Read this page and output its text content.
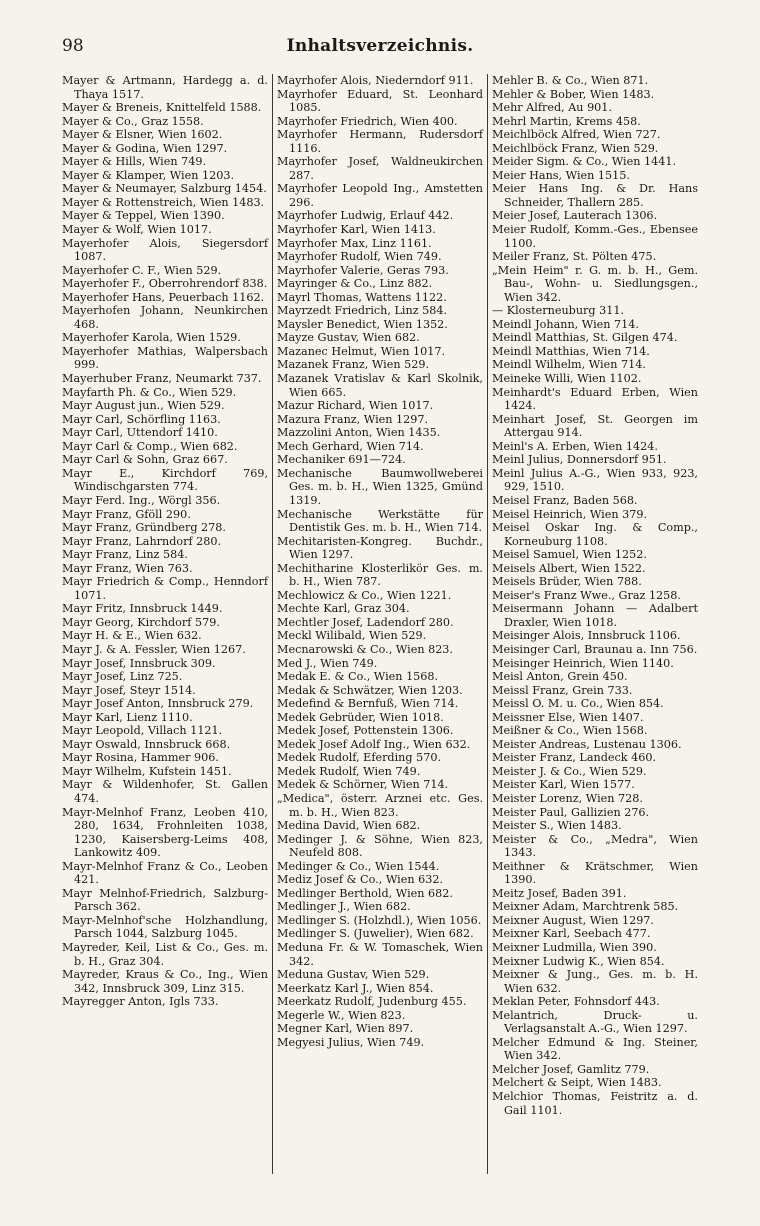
98	Inhaltsverzeichnis.
Mayer & Artmann, Hardegg a. d. Thaya 1517.
Mayer & Breneis, Knittelfeld 1588.
Mayer & Co., Graz 1558.
Mayer & Elsner, Wien 1602.
Mayer & Godina, Wien 1297.
Mayer & Hills, Wien 749.
Mayer & Klamper, Wien 1203.
Mayer & Neumayer, Salzburg 1454.
Mayer & Rottenstreich, Wien 1483.
Mayer & Teppel, Wien 1390.
Mayer & Wolf, Wien 1017.
Mayerhofer Alois, Siegersdorf 1087.
Mayerhofer C. F., Wien 529.
Mayerhofer F., Oberrohrendorf 838.
Mayerhofer Hans, Peuerbach 1162.
Mayerhofen Johann, Neunkirchen 468.
Mayerhofer Karola, Wien 1529.
Mayerhofer Mathias, Walpersbach 999.
Mayerhuber Franz, Neumarkt 737.
Mayfarth Ph. & Co., Wien 529.
Mayr August jun., Wien 529.
Mayr Carl, Schörfling 1163.
Mayr Carl, Uttendorf 1410.
Mayr Carl & Comp., Wien 682.
Mayr Carl & Sohn, Graz 667.
Mayr E., Kirchdorf 769, Windischgarsten 774.
Mayr Ferd. Ing., Wörgl 356.
Mayr Franz, Gföll 290.
Mayr Franz, Gründberg 278.
Mayr Franz, Lahrndorf 280.
Mayr Franz, Linz 584.
Mayr Franz, Wien 763.
Mayr Friedrich & Comp., Henndorf 1071.
Mayr Fritz, Innsbruck 1449.
Mayr Georg, Kirchdorf 579.
Mayr H. & E., Wien 632.
Mayr J. & A. Fessler, Wien 1267.
Mayr Josef, Innsbruck 309.
Mayr Josef, Linz 725.
Mayr Josef, Steyr 1514.
Mayr Josef Anton, Innsbruck 279.
Mayr Karl, Lienz 1110.
Mayr Leopold, Villach 1121.
Mayr Oswald, Innsbruck 668.
Mayr Rosina, Hammer 906.
Mayr Wilhelm, Kufstein 1451.
Mayr & Wildenhofer, St. Gallen 474.
Mayr-Melnhof Franz, Leoben 410, 280, 1634, Frohnleiten 1038, 1230, Kaisersberg-Leims 408, Lankowitz 409.
Mayr-Melnhof Franz & Co., Leoben 421.
Mayr Melnhof-Friedrich, Salzburg-Parsch 362.
Mayr-Melnhof'sche Holzhandlung, Parsch 1044, Salzburg 1045.
Mayreder, Keil, List & Co., Ges. m. b. H., Graz 304.
Mayreder, Kraus & Co., Ing., Wien 342, Innsbruck 309, Linz 315.
Mayregger Anton, Igls 733.
Mayrhofer Alois, Niederndorf 911.
Mayrhofer Eduard, St. Leonhard 1085.
Mayrhofer Friedrich, Wien 400.
Mayrhofer Hermann, Rudersdorf 1116.
Mayrhofer Josef, Waldneukirchen 287.
Mayrhofer Leopold Ing., Amstetten 296.
Mayrhofer Ludwig, Erlauf 442.
Mayrhofer Karl, Wien 1413.
Mayrhofer Max, Linz 1161.
Mayrhofer Rudolf, Wien 749.
Mayrhofer Valerie, Geras 793.
Mayringer & Co., Linz 882.
Mayrl Thomas, Wattens 1122.
Mayrzedt Friedrich, Linz 584.
Maysler Benedict, Wien 1352.
Mayze Gustav, Wien 682.
Mazanec Helmut, Wien 1017.
Mazanek Franz, Wien 529.
Mazanek Vratislav & Karl Skolnik, Wien 665.
Mazur Richard, Wien 1017.
Mazura Franz, Wien 1297.
Mazzolini Anton, Wien 1435.
Mech Gerhard, Wien 714.
Mechaniker 691—724.
Mechanische Baumwollweberei Ges. m. b. H., Wien 1325, Gmünd 1319.
Mechanische Werkstätte für Dentistik Ges. m. b. H., Wien 714.
Mechitaristen-Kongreg. Buchdr., Wien 1297.
Mechitharine Klosterlikör Ges. m. b. H., Wien 787.
Mechlowicz & Co., Wien 1221.
Mechte Karl, Graz 304.
Mechtler Josef, Ladendorf 280.
Meckl Wilibald, Wien 529.
Mecnarowski & Co., Wien 823.
Med J., Wien 749.
Medak E. & Co., Wien 1568.
Medak & Schwätzer, Wien 1203.
Medefind & Bernfuß, Wien 714.
Medek Gebrüder, Wien 1018.
Medek Josef, Pottenstein 1306.
Medek Josef Adolf Ing., Wien 632.
Medek Rudolf, Eferding 570.
Medek Rudolf, Wien 749.
Medek & Schörner, Wien 714.
„Medica", österr. Arznei etc. Ges. m. b. H., Wien 823.
Medina David, Wien 682.
Medinger J. & Söhne, Wien 823, Neufeld 808.
Medinger & Co., Wien 1544.
Mediz Josef & Co., Wien 632.
Medlinger Berthold, Wien 682.
Medlinger J., Wien 682.
Medlinger S. (Holzhdl.), Wien 1056.
Medlinger S. (Juwelier), Wien 682.
Meduna Fr. & W. Tomaschek, Wien 342.
Meduna Gustav, Wien 529.
Meerkatz Karl J., Wien 854.
Meerkatz Rudolf, Judenburg 455.
Megerle W., Wien 823.
Megner Karl, Wien 897.
Megyesi Julius, Wien 749.
Mehler B. & Co., Wien 871.
Mehler & Bober, Wien 1483.
Mehr Alfred, Au 901.
Mehrl Martin, Krems 458.
Meichlböck Alfred, Wien 727.
Meichlböck Franz, Wien 529.
Meider Sigm. & Co., Wien 1441.
Meier Hans, Wien 1515.
Meier Hans Ing. & Dr. Hans Schneider, Thallern 285.
Meier Josef, Lauterach 1306.
Meier Rudolf, Komm.-Ges., Ebensee 1100.
Meiler Franz, St. Pölten 475.
„Mein Heim" r. G. m. b. H., Gem. Bau-, Wohn- u. Siedlungsgen., Wien 342.
— Klosterneuburg 311.
Meindl Johann, Wien 714.
Meindl Matthias, St. Gilgen 474.
Meindl Matthias, Wien 714.
Meindl Wilhelm, Wien 714.
Meineke Willi, Wien 1102.
Meinhardt's Eduard Erben, Wien 1424.
Meinhart Josef, St. Georgen im Attergau 914.
Meinl's A. Erben, Wien 1424.
Meinl Julius, Donnersdorf 951.
Meinl Julius A.-G., Wien 933, 923, 929, 1510.
Meisel Franz, Baden 568.
Meisel Heinrich, Wien 379.
Meisel Oskar Ing. & Comp., Korneuburg 1108.
Meisel Samuel, Wien 1252.
Meisels Albert, Wien 1522.
Meisels Brüder, Wien 788.
Meiser's Franz Wwe., Graz 1258.
Meisermann Johann — Adalbert Draxler, Wien 1018.
Meisinger Alois, Innsbruck 1106.
Meisinger Carl, Braunau a. Inn 756.
Meisinger Heinrich, Wien 1140.
Meisl Anton, Grein 450.
Meissl Franz, Grein 733.
Meissl O. M. u. Co., Wien 854.
Meissner Else, Wien 1407.
Meißner & Co., Wien 1568.
Meister Andreas, Lustenau 1306.
Meister Franz, Landeck 460.
Meister J. & Co., Wien 529.
Meister Karl, Wien 1577.
Meister Lorenz, Wien 728.
Meister Paul, Gallizien 276.
Meister S., Wien 1483.
Meister & Co., „Medra", Wien 1343.
Meithner & Krätschmer, Wien 1390.
Meitz Josef, Baden 391.
Meixner Adam, Marchtrenk 585.
Meixner August, Wien 1297.
Meixner Karl, Seebach 477.
Meixner Ludmilla, Wien 390.
Meixner Ludwig K., Wien 854.
Meixner & Jung., Ges. m. b. H. Wien 632.
Meklan Peter, Fohnsdorf 443.
Melantrich, Druck- u. Verlagsanstalt A.-G., Wien 1297.
Melcher Edmund & Ing. Steiner, Wien 342.
Melcher Josef, Gamlitz 779.
Melchert & Seipt, Wien 1483.
Melchior Thomas, Feistritz a. d. Gail 1101.
